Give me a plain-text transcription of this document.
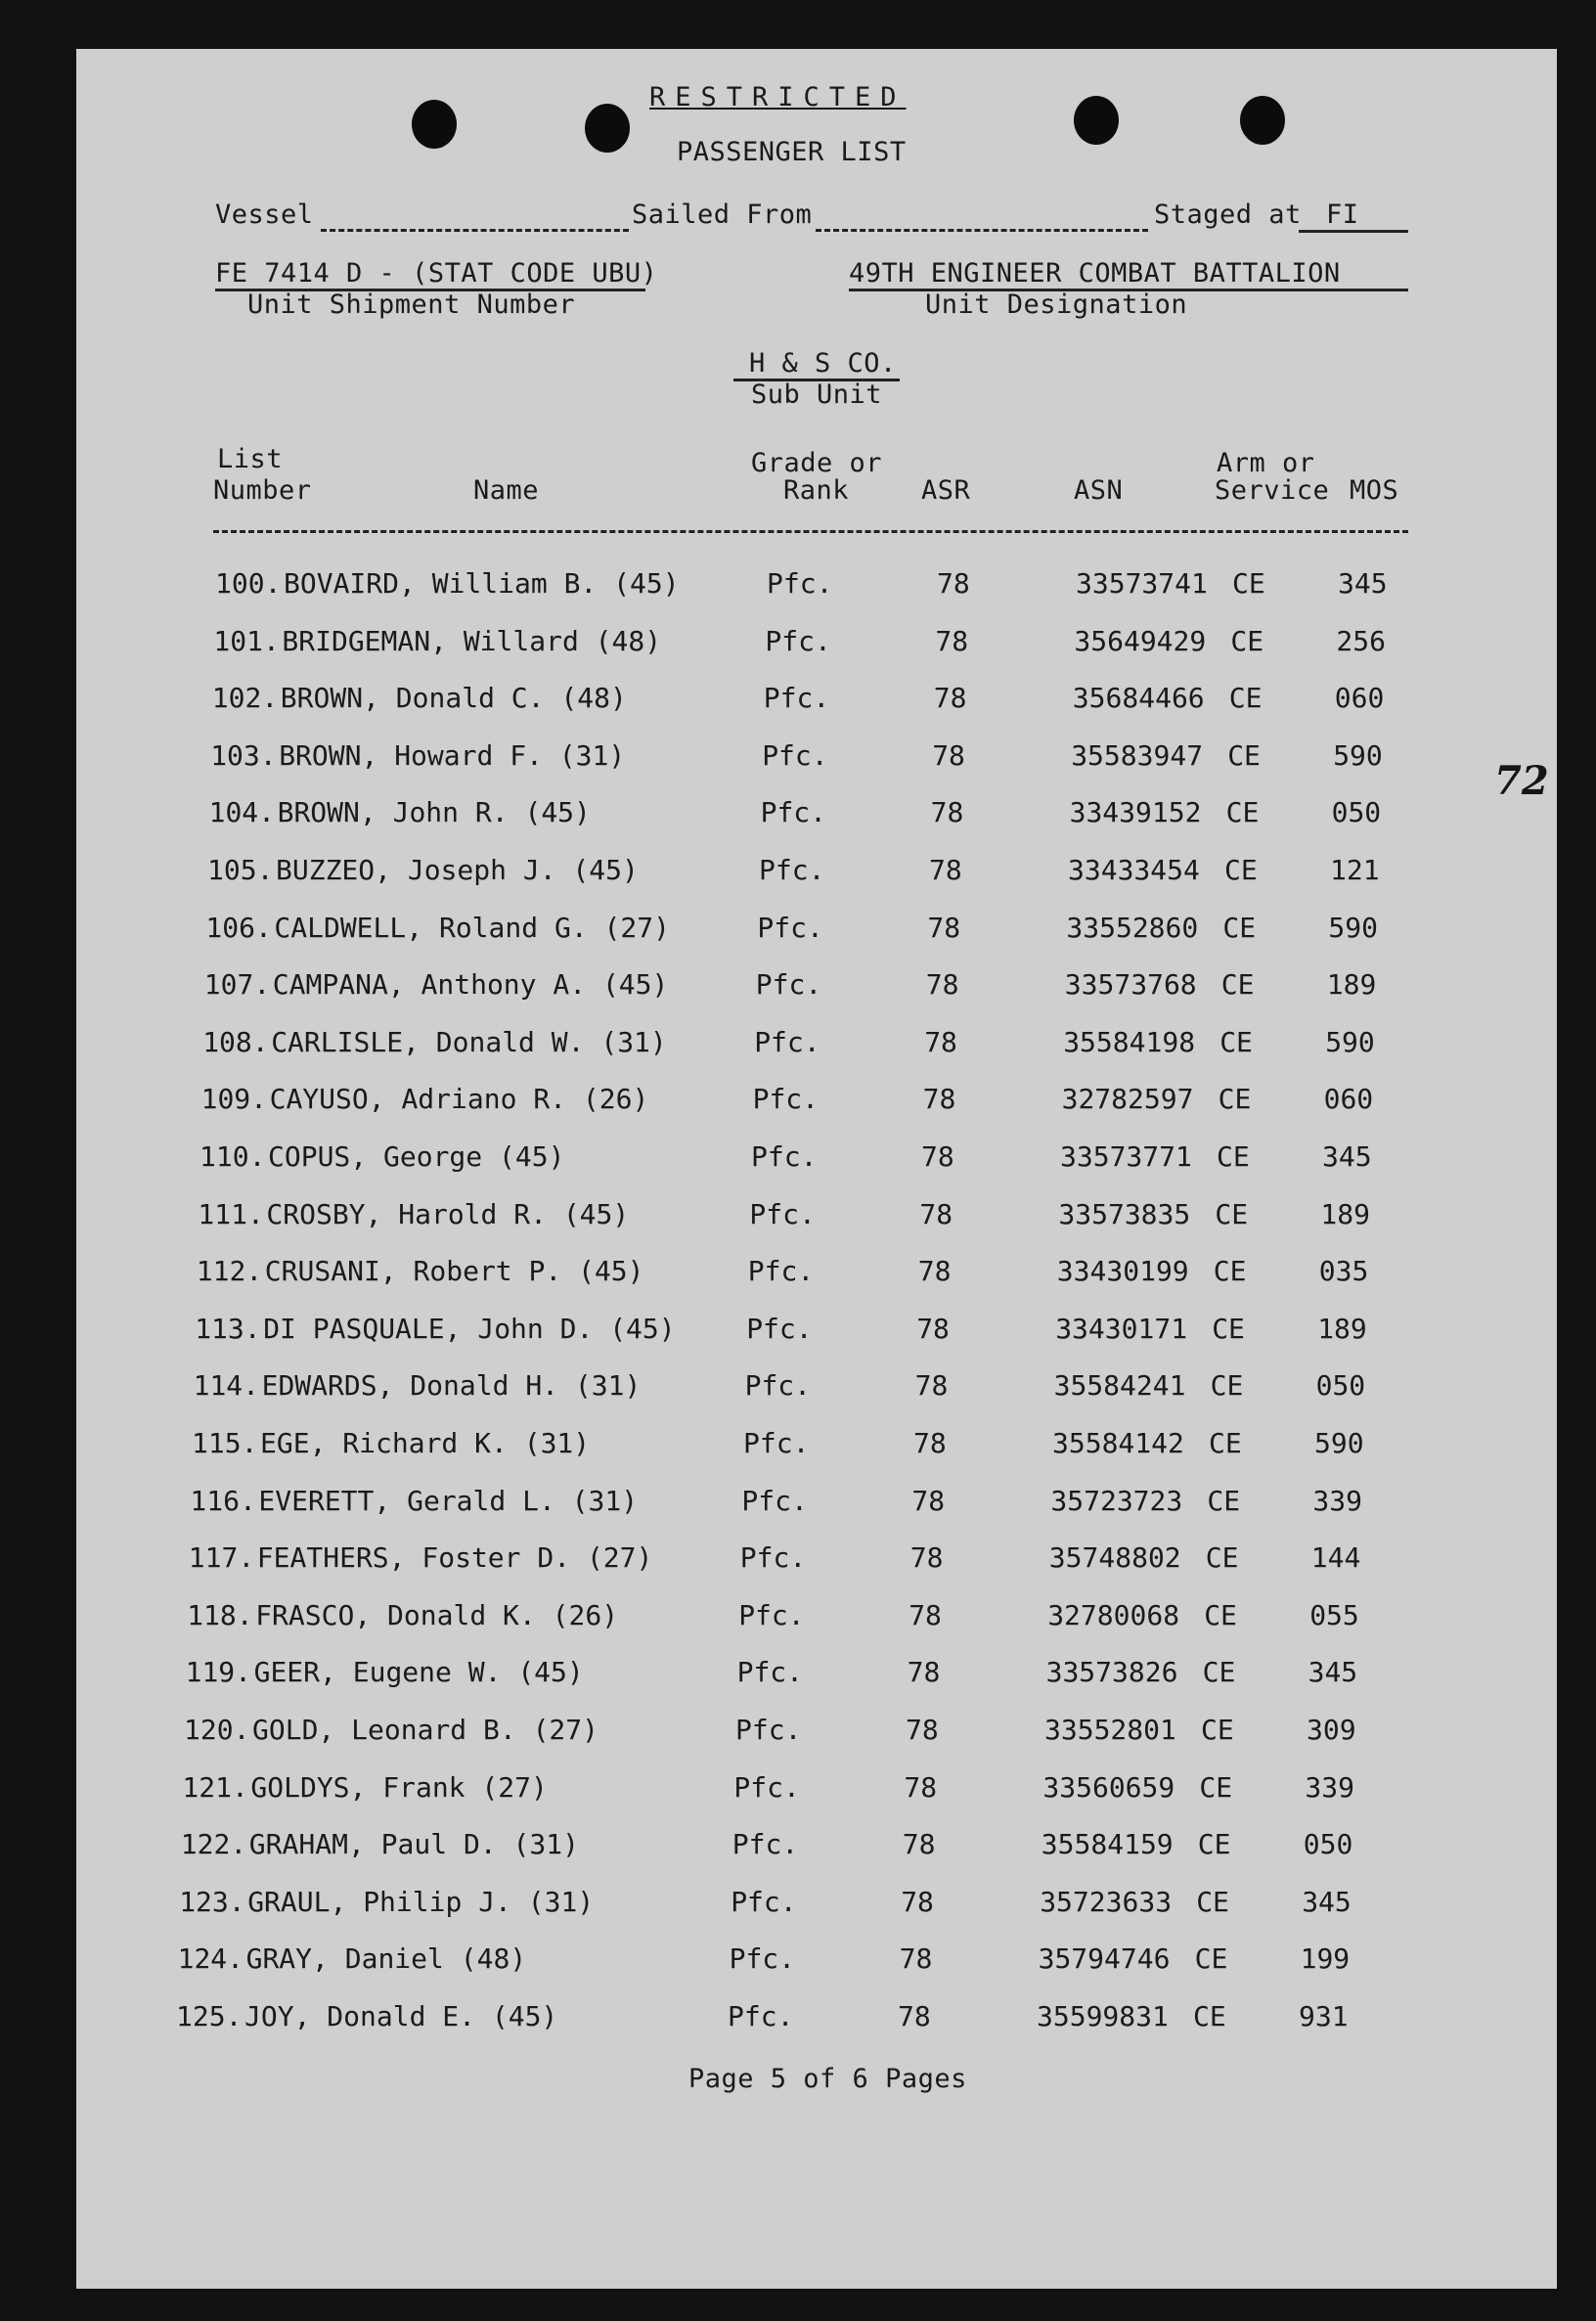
RESTRICTED
PASSENGER LIST
Vessel	Sailed From	Staged at FI
FE 7414 D - (STAT CODE UBU)
Unit Shipment Number
49TH ENGINEER COMBAT BATTALION
Unit Designation
H & S CO.
Sub Unit
List
Number	Name
Grade or
Rank	ASR	ASN
Arm or
Service MOS
100. BOVAIRD, William B. (45)	Pfc.	78	33573741 CE	345
101. BRIDGEMAN, Willard (48)	Pfc.	78	35649429 CE	256
102. BROWN, Donald C. (48)	Pfc.	78	35684466 CE	060
103. BROWN, Howard F. (31)	Pfc.	78	35583947 CE	590
104. BROWN, John R. (45)	Pfc.	78	33439152 CE	050
105. BUZZEO, Joseph J. (45)	Pfc.	78	33433454 CE	121
106. CALDWELL, Roland G. (27)	Pfc.	78	33552860 CE	590
107. CAMPANA, Anthony A. (45)	Pfc.	78	33573768 CE	189
108. CARLISLE, Donald W. (31)	Pfc.	78	35584198 CE	590
109. CAYUSO, Adriano R. (26)	Pfc.	78	32782597 CE	060
110. COPUS, George (45)	Pfc.	78	33573771 CE	345
111. CROSBY, Harold R. (45)	Pfc.	78	33573835 CE	189
112. CRUSANI, Robert P. (45)	Pfc.	78	33430199 CE	035
113. DI PASQUALE, John D. (45)	Pfc.	78	33430171 CE	189
114. EDWARDS, Donald H. (31)	Pfc.	78	35584241 CE	050
115. EGE, Richard K. (31)	Pfc.	78	35584142 CE	590
116. EVERETT, Gerald L. (31)	Pfc.	78	35723723 CE	339
117. FEATHERS, Foster D. (27)	Pfc.	78	35748802 CE	144
118. FRASCO, Donald K. (26)	Pfc.	78	32780068 CE	055
119. GEER, Eugene W. (45)	Pfc.	78	33573826 CE	345
120. GOLD, Leonard B. (27)	Pfc.	78	33552801 CE	309
121. GOLDYS, Frank (27)	Pfc.	78	33560659 CE	339
122. GRAHAM, Paul D. (31)	Pfc.	78	35584159 CE	050
123. GRAUL, Philip J. (31)	Pfc.	78	35723633 CE	345
124. GRAY, Daniel (48)	Pfc.	78	35794746 CE	199
125. JOY, Donald E. (45)	Pfc.	78	35599831 CE	931
Page 5 of 6 Pages
72
